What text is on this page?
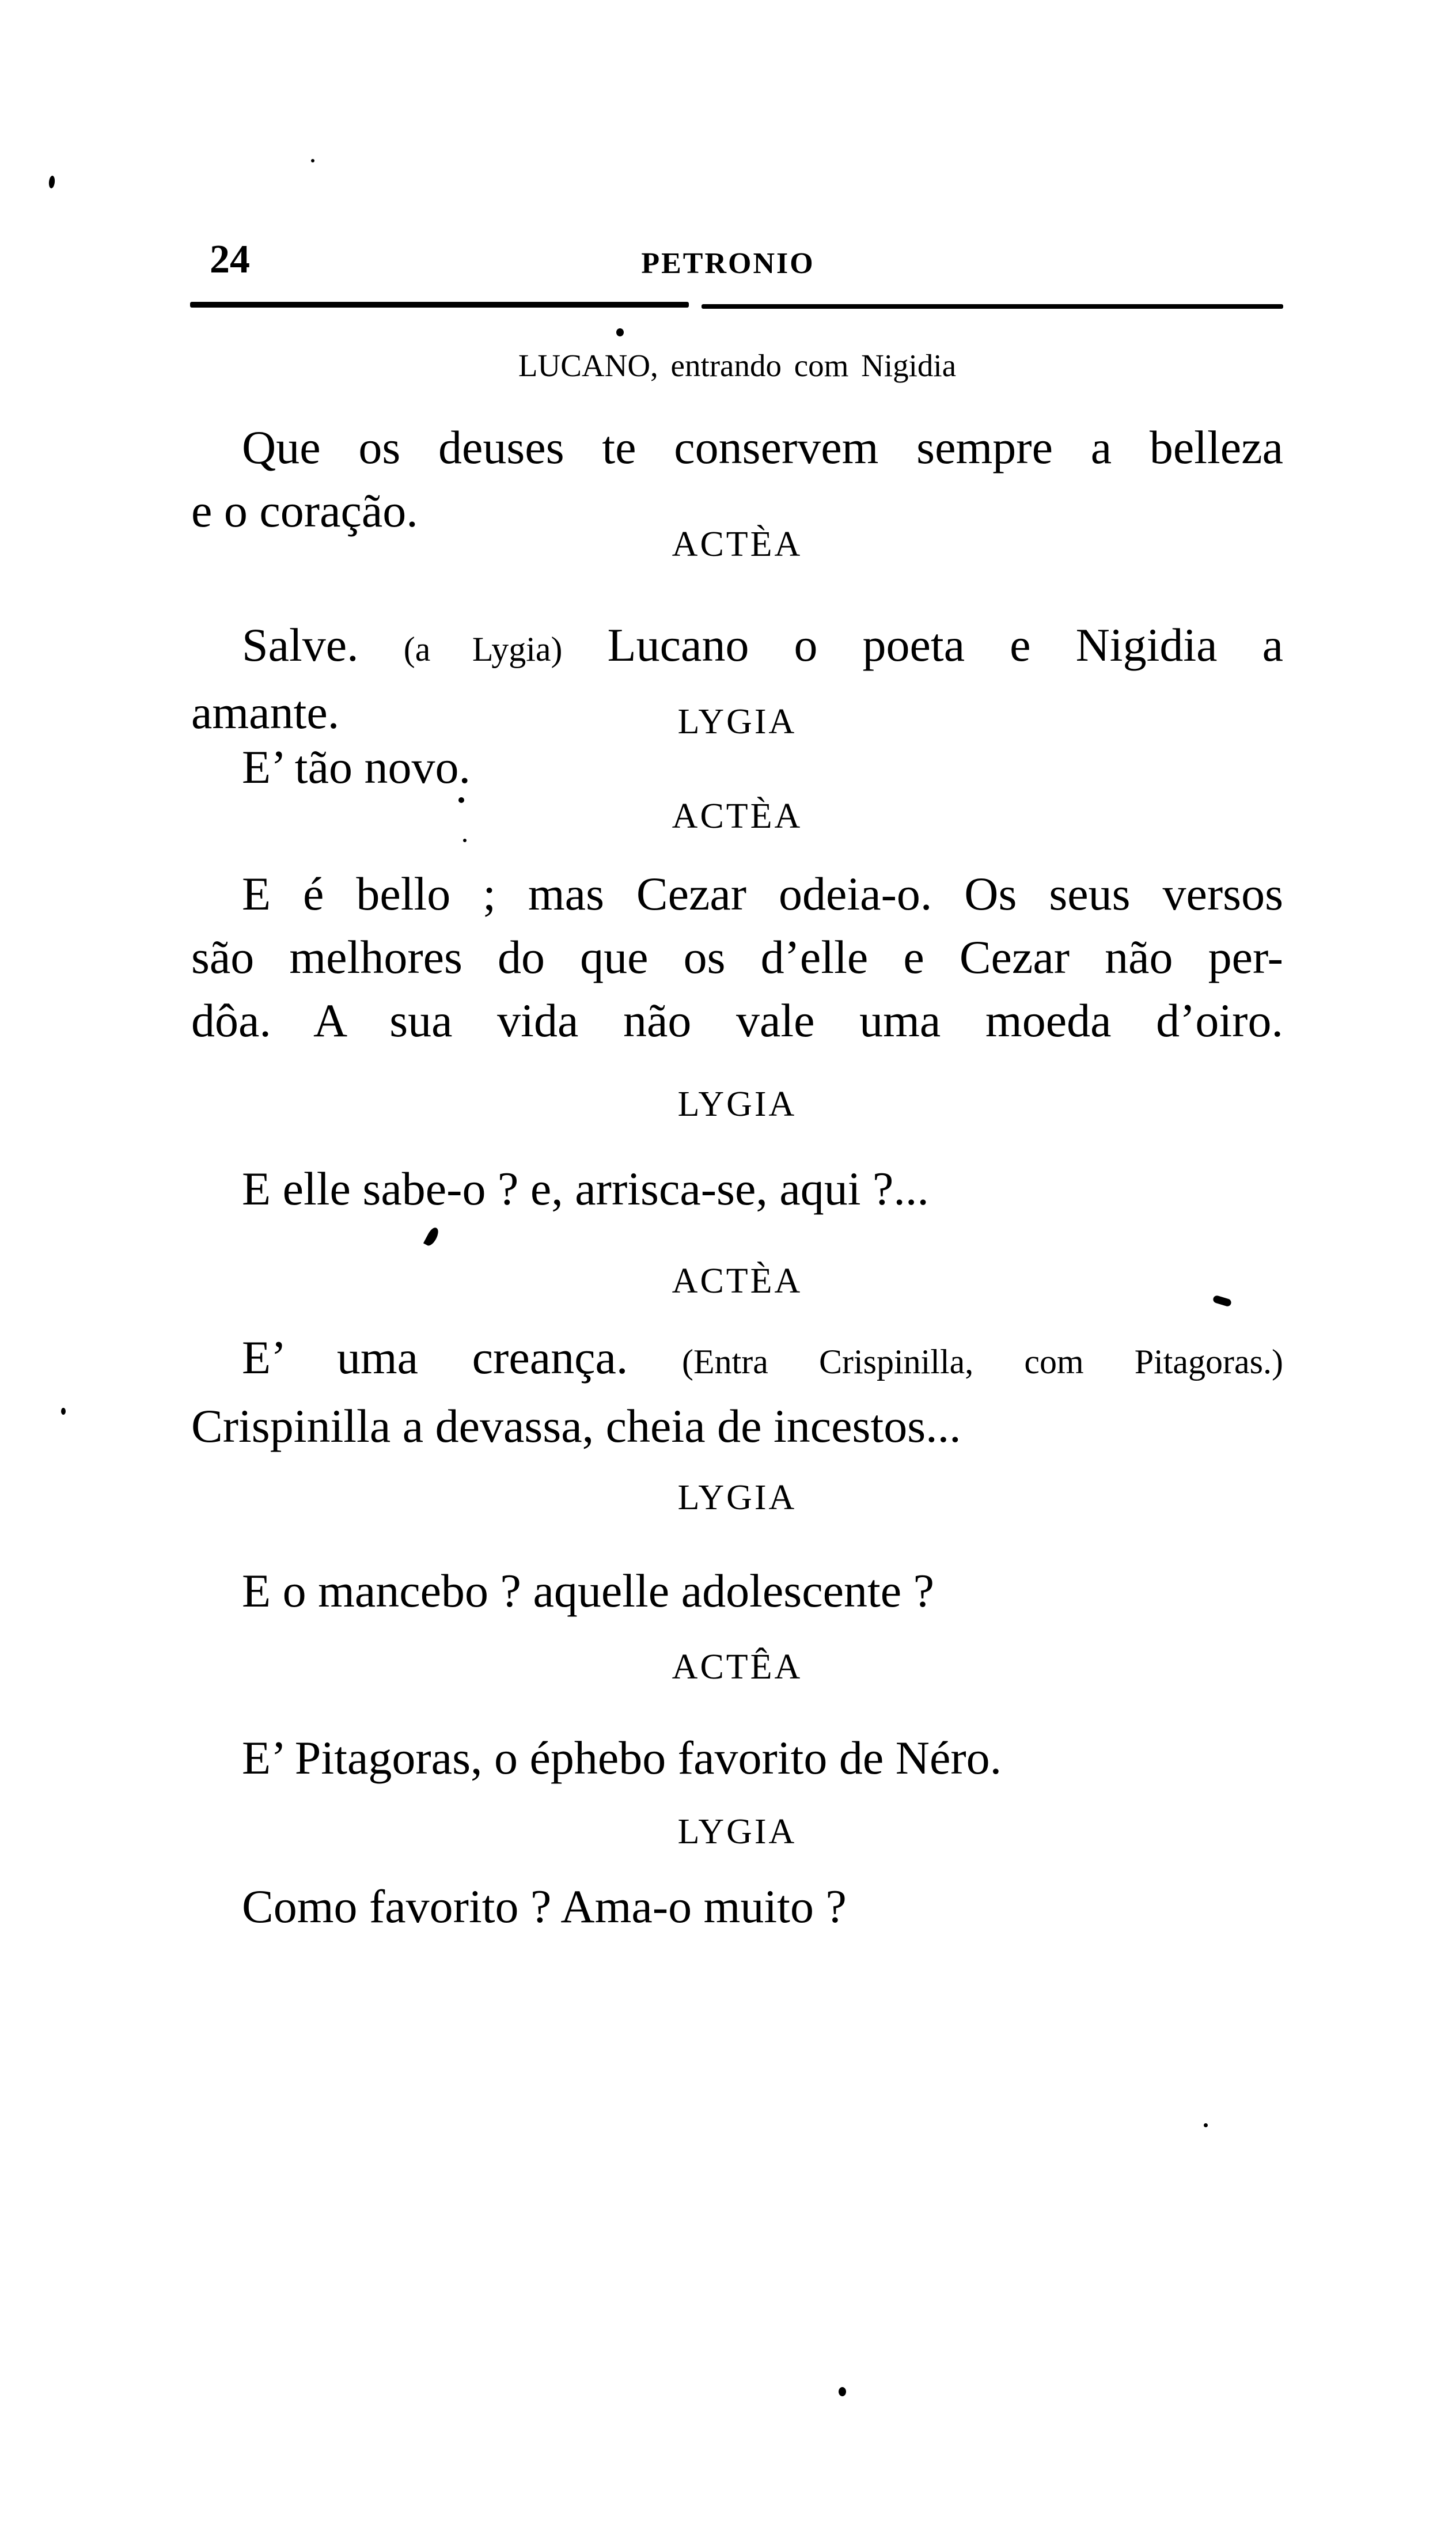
24	PETRONIO
LUCANO, entrando com Nigidia
Que os deuses te conservem sempre a belleza
e o coração.
ACTÈA
Salve. (a Lygia) Lucano o poeta e Nigidia a
amante.	LYGIA
E’ tão novo.
ACTÈA
E é bello ; mas Cezar odeia-o. Os seus versos
são melhores do que os d’elle e Cezar não per-
dôa. A sua vida não vale uma moeda d’oiro.
LYGIA
E elle sabe-o ? e, arrisca-se, aqui ?...
ACTÈA
E’ uma creança. (Entra Crispinilla, com Pitagoras.)
Crispinilla a devassa, cheia de incestos...
LYGIA
E o mancebo ? aquelle adolescente ?
ACTÊA
E’ Pitagoras, o éphebo favorito de Néro.
LYGIA
Como favorito ? Ama-o muito ?
